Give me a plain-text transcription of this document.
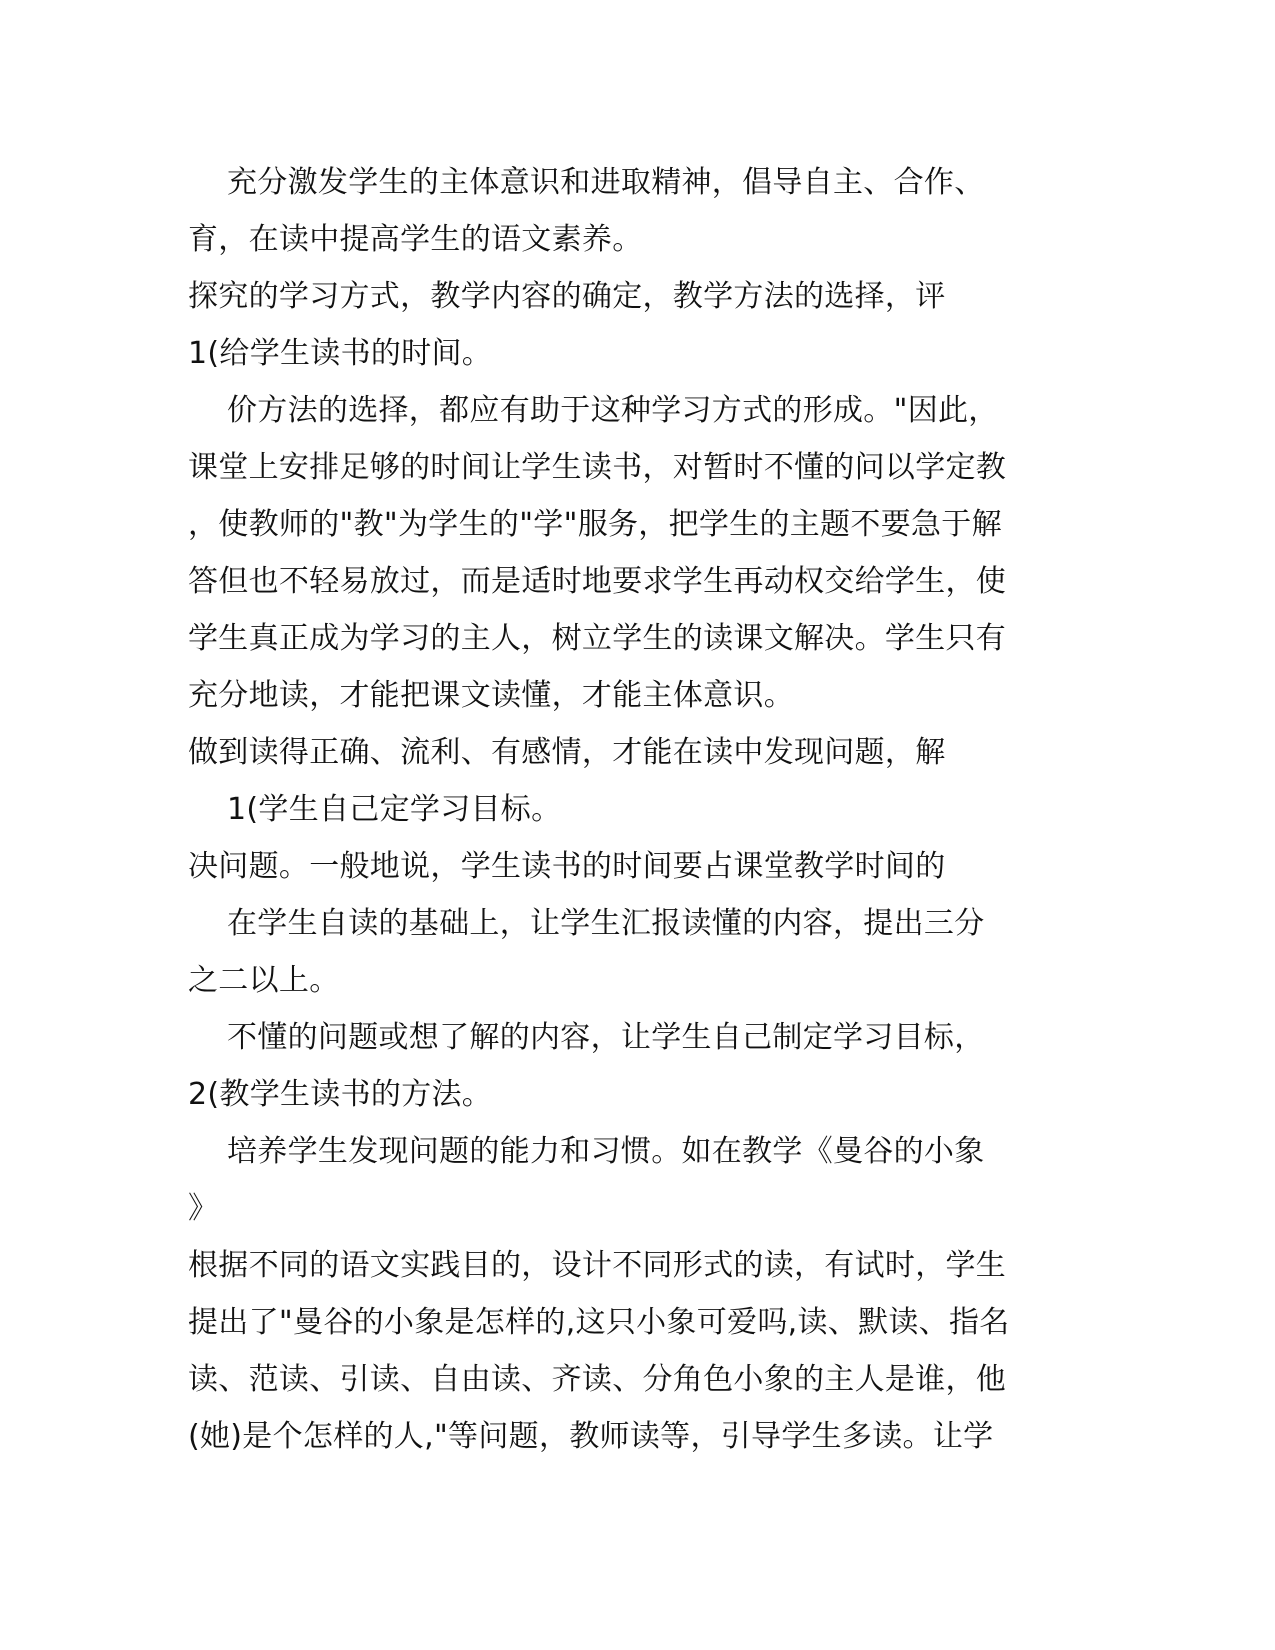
充分激发学生的主体意识和进取精神，倡导自主、合作、
育，在读中提高学生的语文素养。
探究的学习方式，教学内容的确定，教学方法的选择，评
1(给学生读书的时间。
价方法的选择，都应有助于这种学习方式的形成。"因此，
课堂上安排足够的时间让学生读书，对暂时不懂的问以学定教
，使教师的"教"为学生的"学"服务，把学生的主题不要急于解
答但也不轻易放过，而是适时地要求学生再动权交给学生，使
学生真正成为学习的主人，树立学生的读课文解决。学生只有
充分地读，才能把课文读懂，才能主体意识。
做到读得正确、流利、有感情，才能在读中发现问题，解
1(学生自己定学习目标。
决问题。一般地说，学生读书的时间要占课堂教学时间的
在学生自读的基础上，让学生汇报读懂的内容，提出三分
之二以上。
不懂的问题或想了解的内容，让学生自己制定学习目标，
2(教学生读书的方法。
培养学生发现问题的能力和习惯。如在教学《曼谷的小象
》
根据不同的语文实践目的，设计不同形式的读，有试时，学生
提出了"曼谷的小象是怎样的,这只小象可爱吗,读、默读、指名
读、范读、引读、自由读、齐读、分角色小象的主人是谁，他
(她)是个怎样的人,"等问题，教师读等，引导学生多读。让学
